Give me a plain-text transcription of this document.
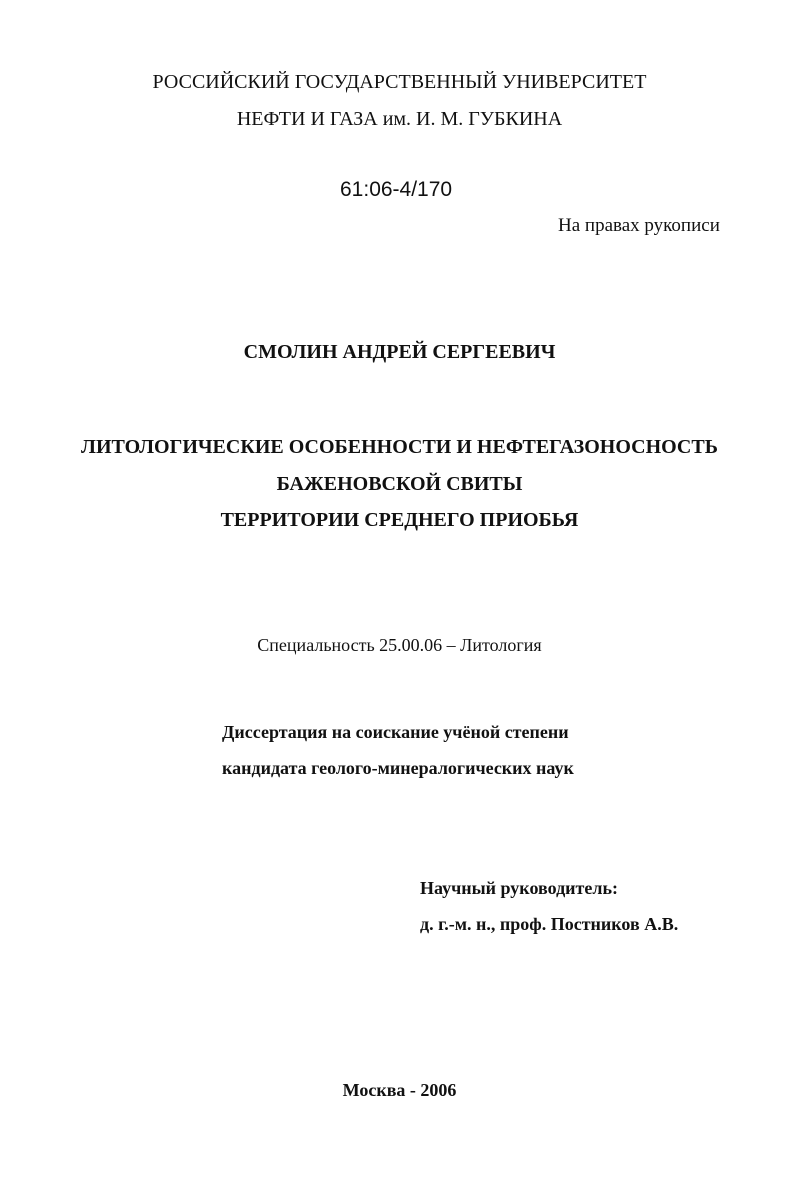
РОССИЙСКИЙ ГОСУДАРСТВЕННЫЙ УНИВЕРСИТЕТ
НЕФТИ И ГАЗА им. И. М. ГУБКИНА
61:06-4/170
На правах рукописи
СМОЛИН АНДРЕЙ СЕРГЕЕВИЧ
ЛИТОЛОГИЧЕСКИЕ ОСОБЕННОСТИ И НЕФТЕГАЗОНОСНОСТЬ
БАЖЕНОВСКОЙ СВИТЫ
ТЕРРИТОРИИ СРЕДНЕГО ПРИОБЬЯ
Специальность 25.00.06 – Литология
Диссертация на соискание учёной степени
кандидата геолого-минералогических наук
Научный руководитель:
д. г.-м. н., проф. Постников А.В.
Москва - 2006
